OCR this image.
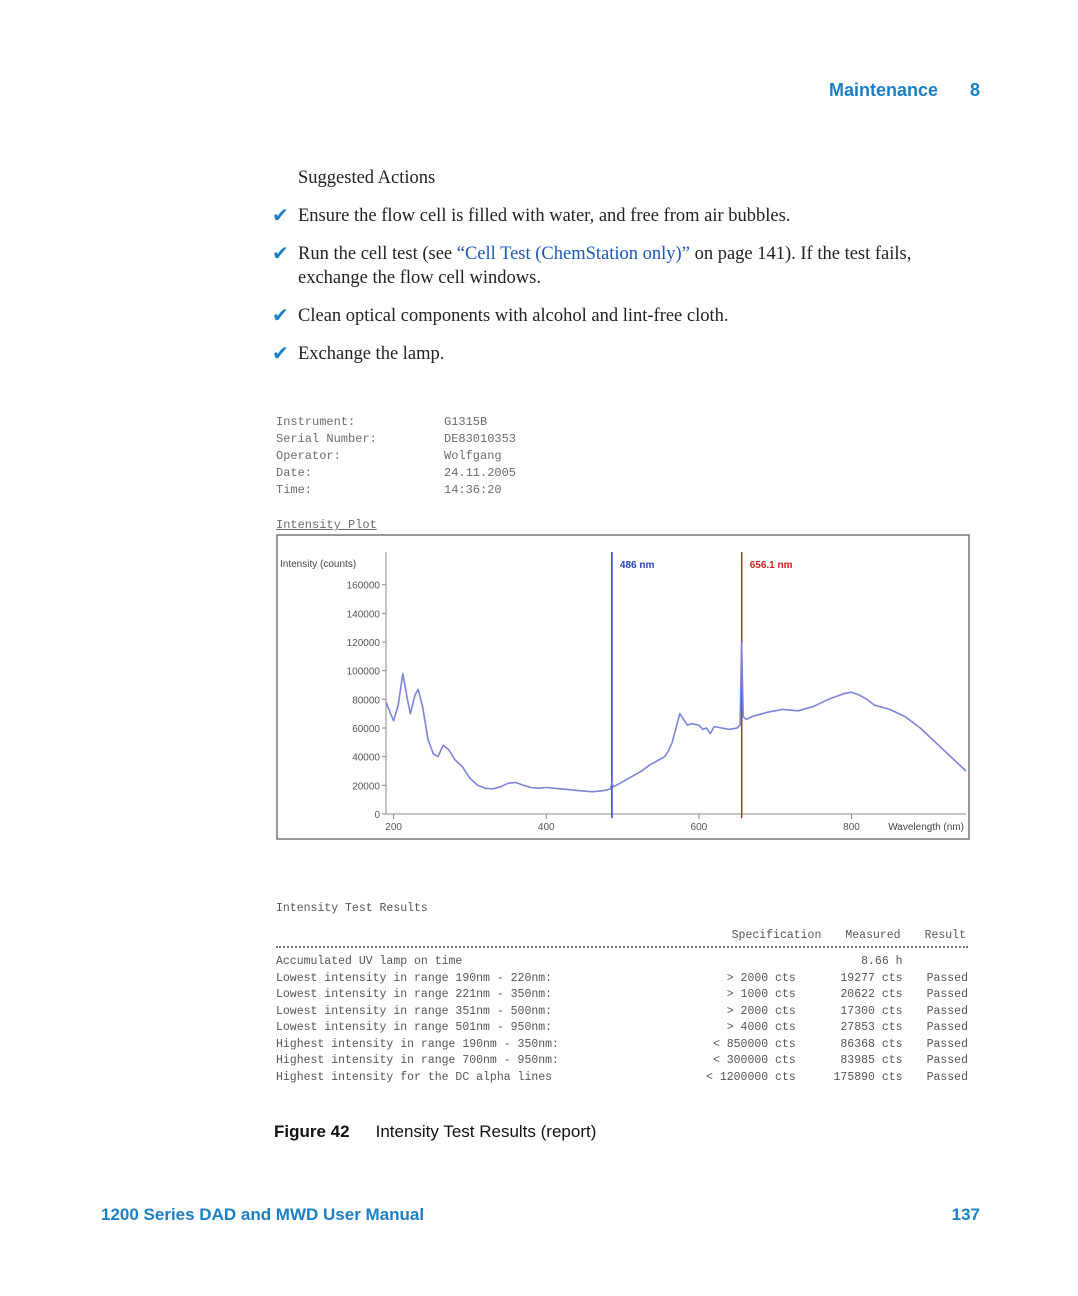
Maintenance 8
Suggested Actions
✔ Ensure the flow cell is filled with water, and free from air bubbles.
✔ Run the cell test (see “Cell Test (ChemStation only)” on page 141). If the test fails, exchange the flow cell windows.
✔ Clean optical components with alcohol and lint-free cloth.
✔ Exchange the lamp.
Instrument:	G1315B
Serial Number:	DE83010353
Operator:	Wolfgang
Date:	24.11.2005
Time:	14:36:20
Intensity Plot
0
20000
40000
60000
80000
100000
120000
140000
160000
200	400	600	800
Intensity (counts)
Wavelength (nm)
486 nm	656.1 nm
Intensity Test Results
Specification Measured Result
Accumulated UV lamp on time		8.66 h	
Lowest intensity in range 190nm - 220nm:	> 2000 cts	19277 cts	Passed
Lowest intensity in range 221nm - 350nm:	> 1000 cts	20622 cts	Passed
Lowest intensity in range 351nm - 500nm:	> 2000 cts	17300 cts	Passed
Lowest intensity in range 501nm - 950nm:	> 4000 cts	27853 cts	Passed
Highest intensity in range 190nm - 350nm:	< 850000 cts	86368 cts	Passed
Highest intensity in range 700nm - 950nm:	< 300000 cts	83985 cts	Passed
Highest intensity for the DC alpha lines	< 1200000 cts	175890 cts	Passed
Figure 42 Intensity Test Results (report)
1200 Series DAD and MWD User Manual	137
